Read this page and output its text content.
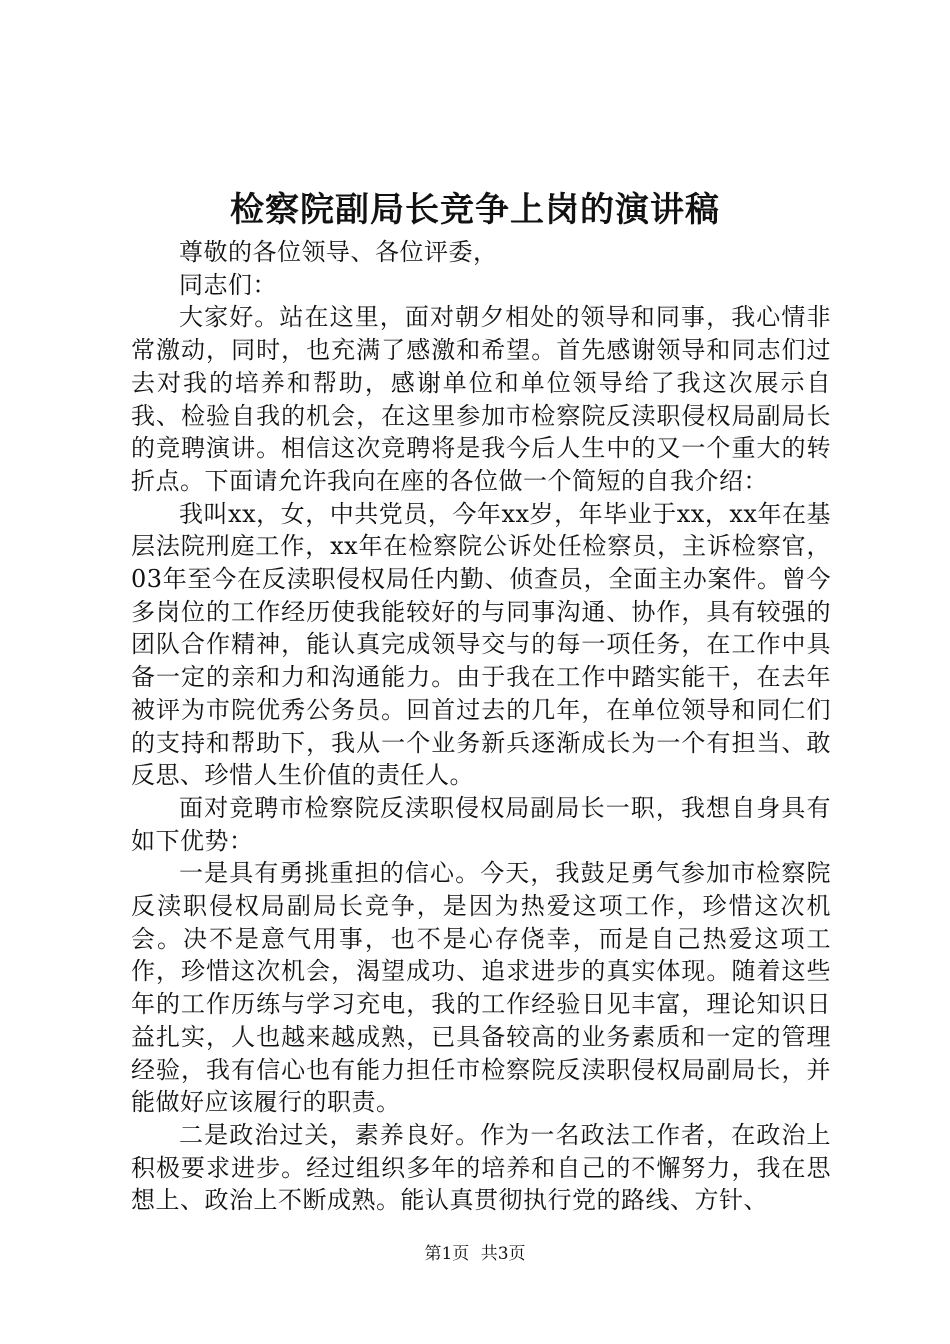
检察院副局长竞争上岗的演讲稿

尊敬的各位领导、各位评委，

同志们：

大家好。站在这里，面对朝夕相处的领导和同事，我心情非常激动，同时，也充满了感激和希望。首先感谢领导和同志们过去对我的培养和帮助，感谢单位和单位领导给了我这次展示自我、检验自我的机会，在这里参加市检察院反渎职侵权局副局长的竞聘演讲。相信这次竞聘将是我今后人生中的又一个重大的转折点。下面请允许我向在座的各位做一个简短的自我介绍：

我叫xx，女，中共党员，今年xx岁，年毕业于xx，xx年在基层法院刑庭工作，xx年在检察院公诉处任检察员，主诉检察官，03年至今在反渎职侵权局任内勤、侦查员，全面主办案件。曾今多岗位的工作经历使我能较好的与同事沟通、协作，具有较强的团队合作精神，能认真完成领导交与的每一项任务，在工作中具备一定的亲和力和沟通能力。由于我在工作中踏实能干，在去年被评为市院优秀公务员。回首过去的几年，在单位领导和同仁们的支持和帮助下，我从一个业务新兵逐渐成长为一个有担当、敢反思、珍惜人生价值的责任人。

面对竞聘市检察院反渎职侵权局副局长一职，我想自身具有如下优势：

一是具有勇挑重担的信心。今天，我鼓足勇气参加市检察院反渎职侵权局副局长竞争，是因为热爱这项工作，珍惜这次机会。决不是意气用事，也不是心存侥幸，而是自己热爱这项工作，珍惜这次机会，渴望成功、追求进步的真实体现。随着这些年的工作历练与学习充电，我的工作经验日见丰富，理论知识日益扎实，人也越来越成熟，已具备较高的业务素质和一定的管理经验，我有信心也有能力担任市检察院反渎职侵权局副局长，并能做好应该履行的职责。

二是政治过关，素养良好。作为一名政法工作者，在政治上积极要求进步。经过组织多年的培养和自己的不懈努力，我在思想上、政治上不断成熟。能认真贯彻执行党的路线、方针、

第1页 共3页
